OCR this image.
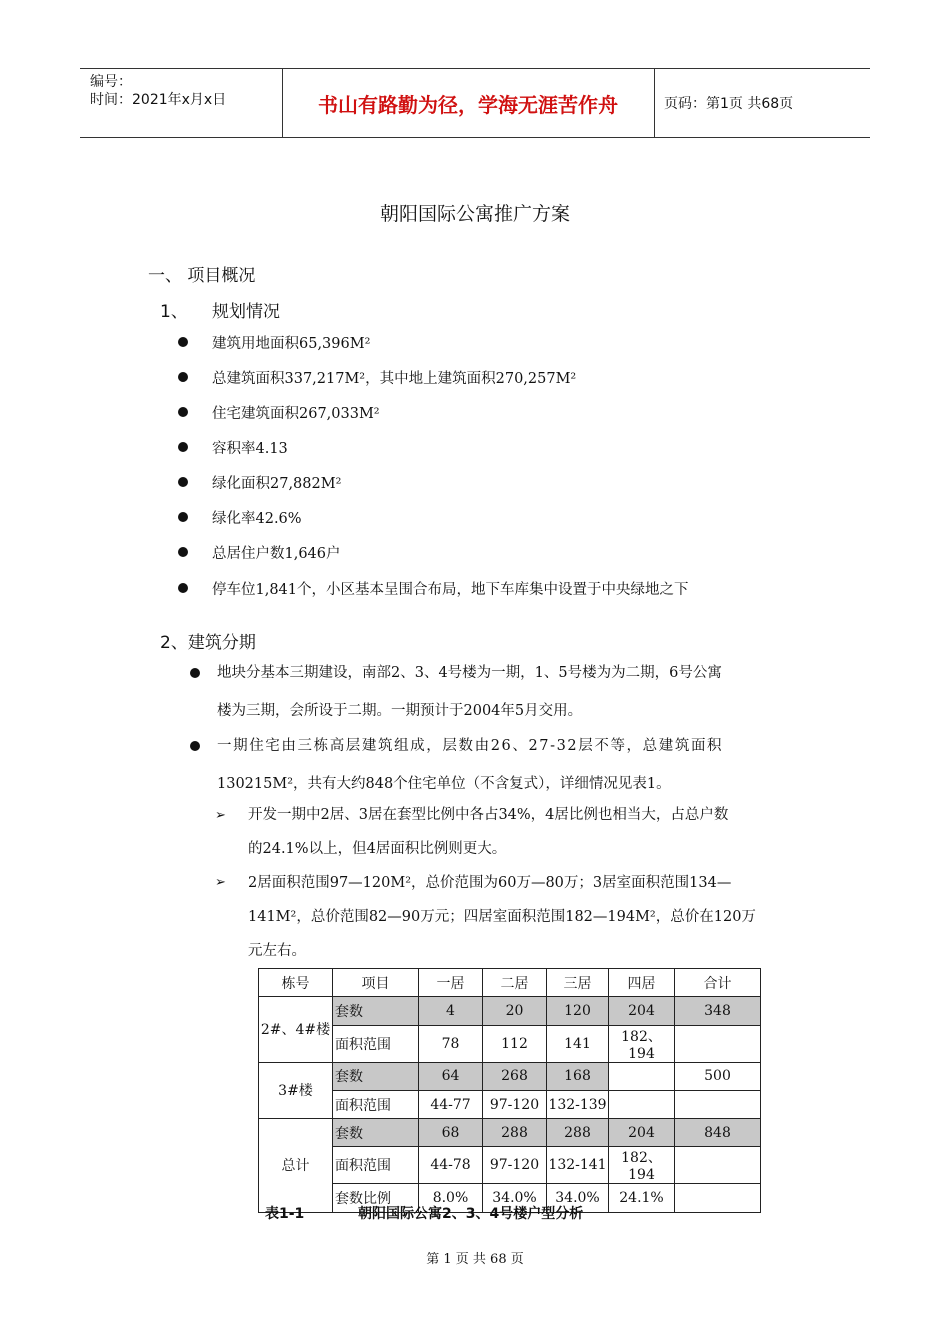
编号：
时间：2021年x月x日	书山有路勤为径，学海无涯苦作舟	页码：第1页 共68页
朝阳国际公寓推广方案
一、 项目概况
1、 规划情况
建筑用地面积65,396M²
总建筑面积337,217M²，其中地上建筑面积270,257M²
住宅建筑面积267,033M²
容积率4.13
绿化面积27,882M²
绿化率42.6%
总居住户数1,646户
停车位1,841个，小区基本呈围合布局，地下车库集中设置于中央绿地之下
2、建筑分期
地块分基本三期建设，南部2、3、4号楼为一期，1、5号楼为为二期，6号公寓
楼为三期，会所设于二期。一期预计于2004年5月交用。
一期住宅由三栋高层建筑组成，层数由26、27-32层不等，总建筑面积
130215M²，共有大约848个住宅单位（不含复式），详细情况见表1。
➢ 开发一期中2居、3居在套型比例中各占34%，4居比例也相当大，占总户数
的24.1%以上，但4居面积比例则更大。
➢ 2居面积范围97—120M²，总价范围为60万—80万；3居室面积范围134—
141M²，总价范围82—90万元；四居室面积范围182—194M²，总价在120万
元左右。
栋号	项目	一居	二居	三居	四居	合计
2#、4#楼	套数	4	20	120	204	348
	面积范围	78	112	141	182、194	
3#楼	套数	64	268	168		500
	面积范围	44-77	97-120	132-139		
总计	套数	68	288	288	204	848
	面积范围	44-78	97-120	132-141	182、194	
	套数比例	8.0%	34.0%	34.0%	24.1%	
表1-1	朝阳国际公寓2、3、4号楼户型分析
第 1 页 共 68 页
